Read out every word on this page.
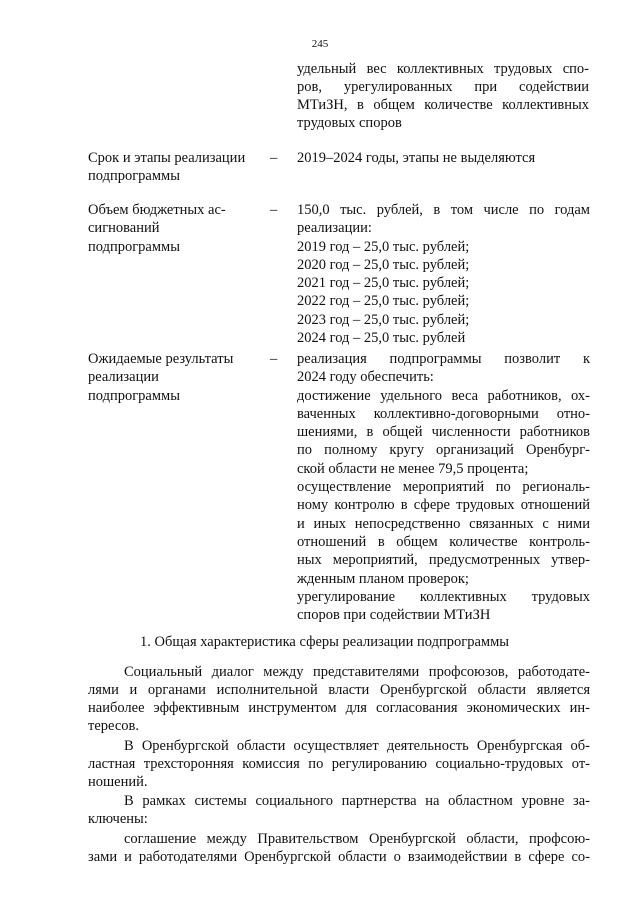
245
удельный вес коллективных трудовых спо-
ров, урегулированных при содействии
МТиЗН, в общем количестве коллективных
трудовых споров
Срок и этапы реализации
подпрограммы
– 2019–2024 годы, этапы не выделяются
Объем бюджетных ас-
сигнований
подпрограммы
– 150,0 тыс. рублей, в том числе по годам
реализации:
2019 год – 25,0 тыс. рублей;
2020 год – 25,0 тыс. рублей;
2021 год – 25,0 тыс. рублей;
2022 год – 25,0 тыс. рублей;
2023 год – 25,0 тыс. рублей;
2024 год – 25,0 тыс. рублей
Ожидаемые результаты
реализации
подпрограммы
– реализация подпрограммы позволит к
2024 году обеспечить:
достижение удельного веса работников, ох-
ваченных коллективно-договорными отно-
шениями, в общей численности работников
по полному кругу организаций Оренбург-
ской области не менее 79,5 процента;
осуществление мероприятий по региональ-
ному контролю в сфере трудовых отношений
и иных непосредственно связанных с ними
отношений в общем количестве контроль-
ных мероприятий, предусмотренных утвер-
жденным планом проверок;
урегулирование коллективных трудовых
споров при содействии МТиЗН
1. Общая характеристика сферы реализации подпрограммы
Социальный диалог между представителями профсоюзов, работодате-
лями и органами исполнительной власти Оренбургской области является
наиболее эффективным инструментом для согласования экономических ин-
тересов.
В Оренбургской области осуществляет деятельность Оренбургская об-
ластная трехсторонняя комиссия по регулированию социально-трудовых от-
ношений.
В рамках системы социального партнерства на областном уровне за-
ключены:
соглашение между Правительством Оренбургской области, профсою-
зами и работодателями Оренбургской области о взаимодействии в сфере со-
